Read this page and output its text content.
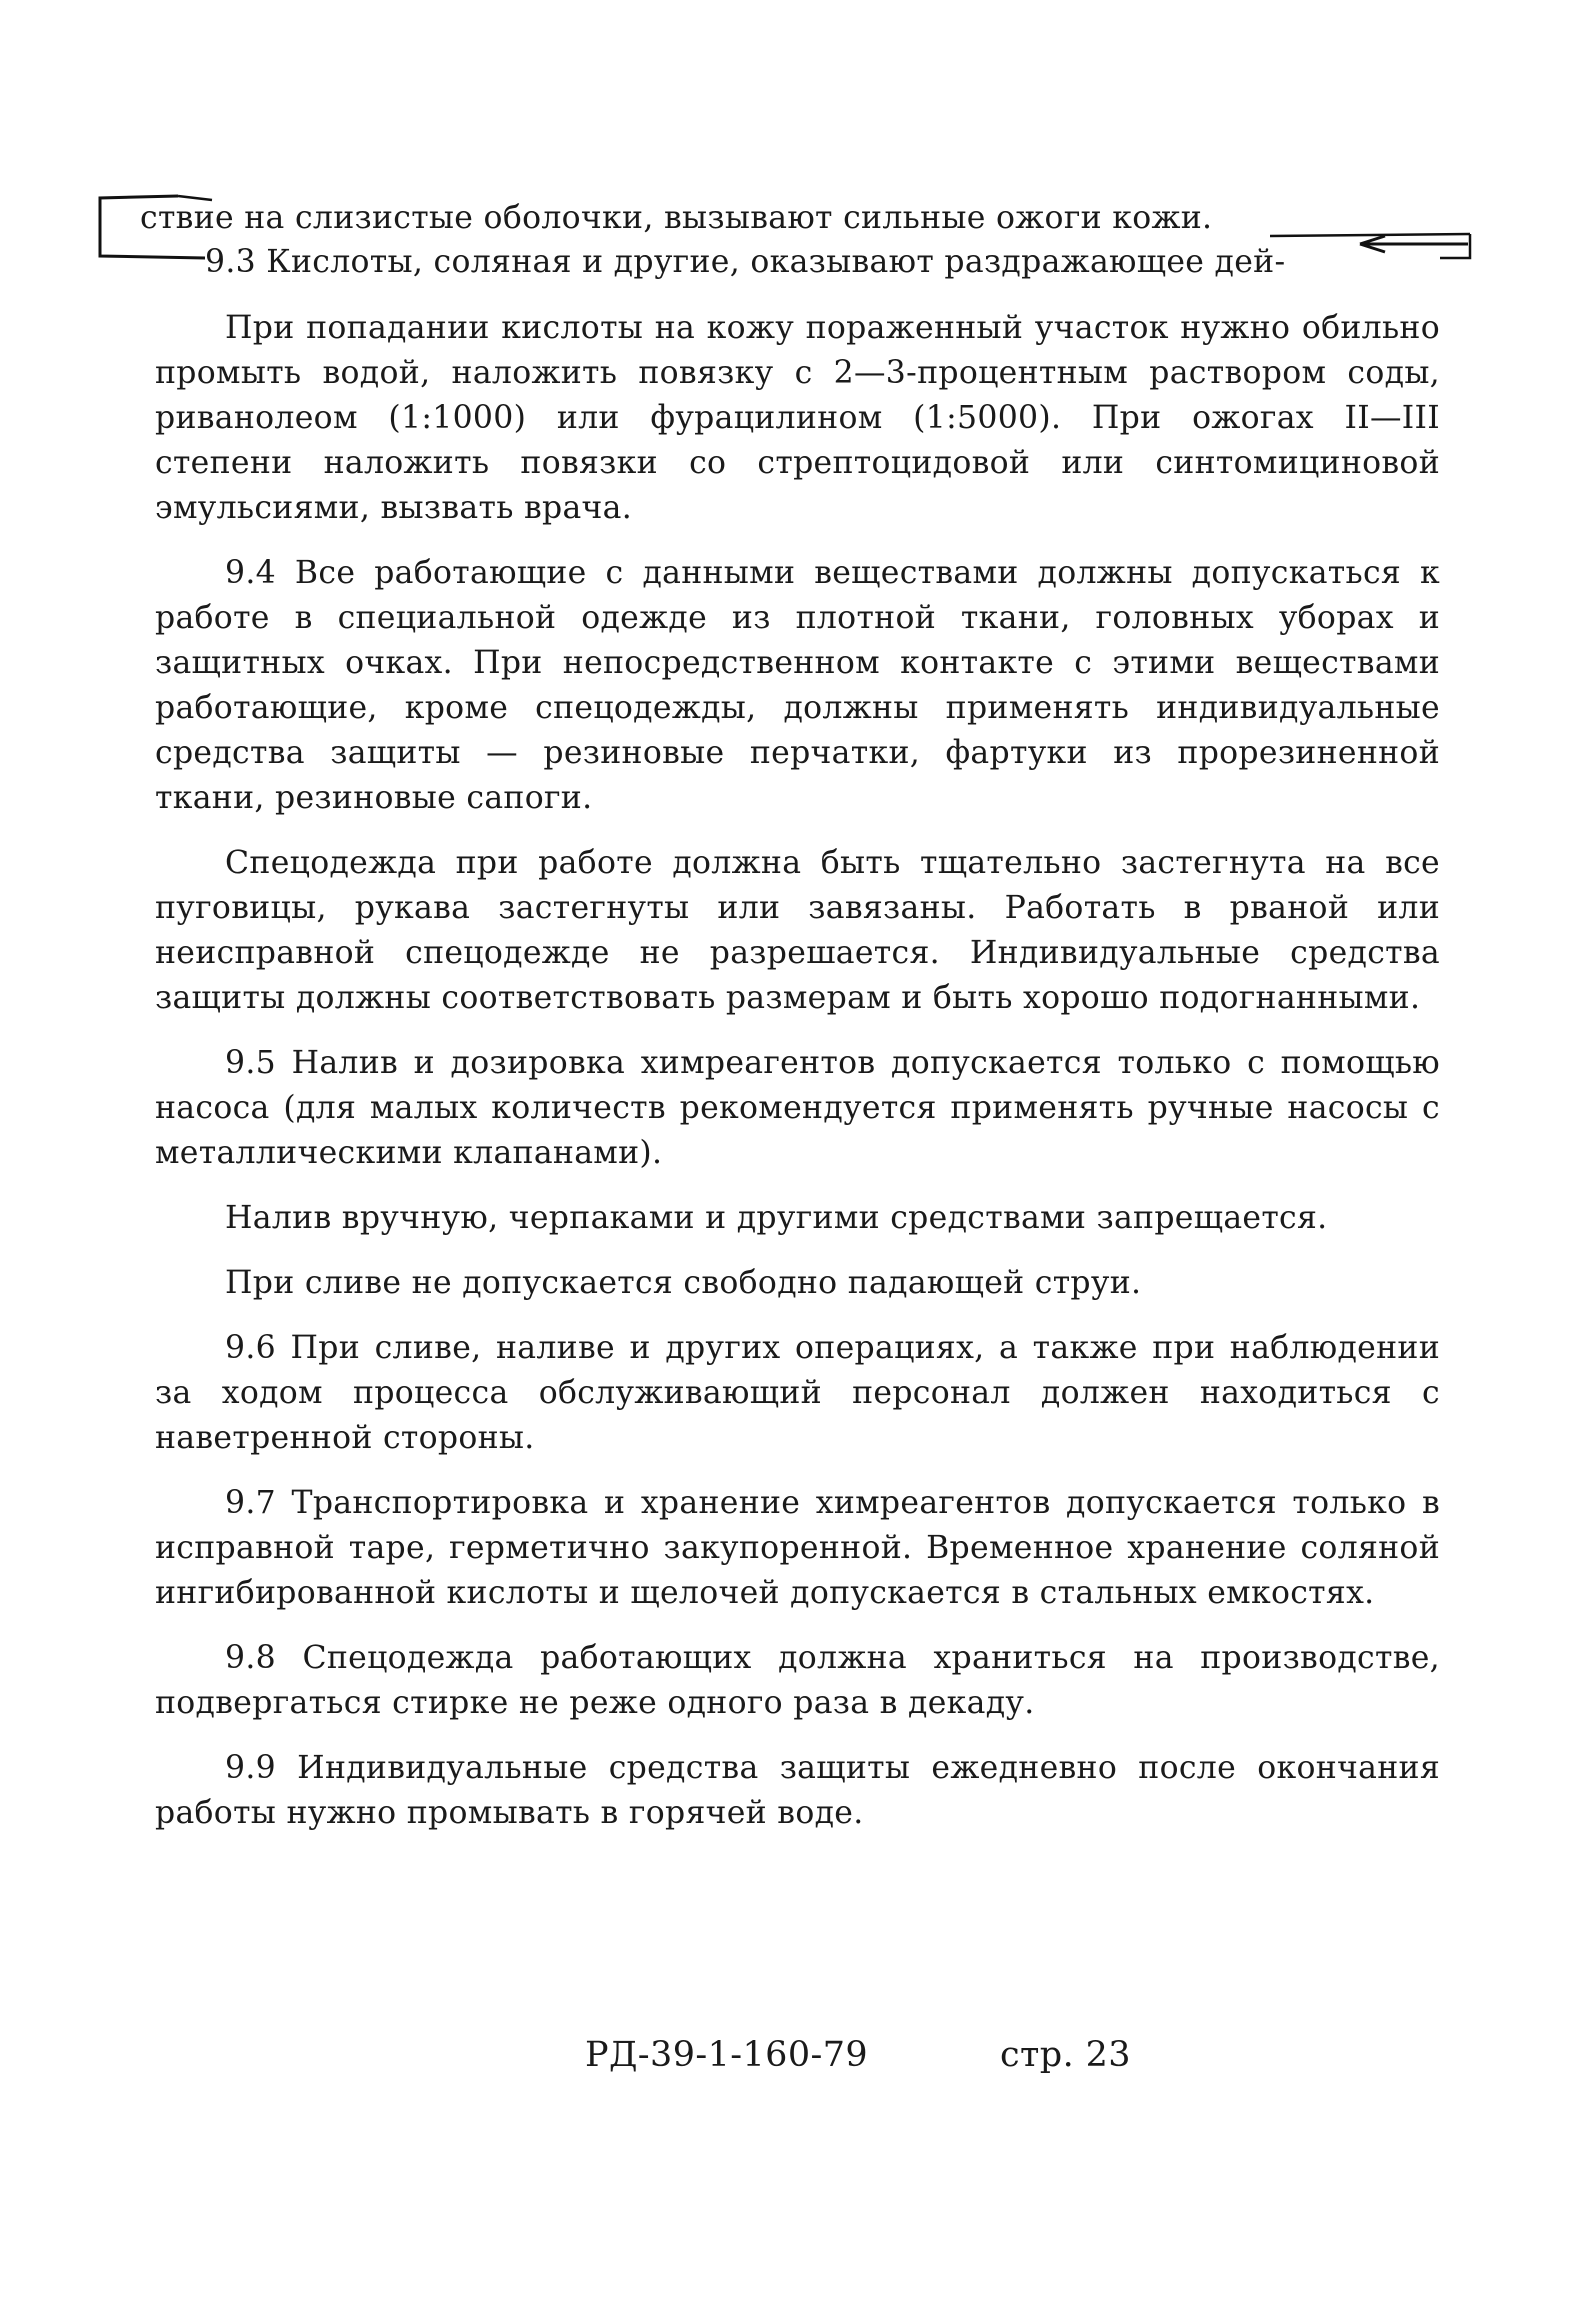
ствие на слизистые оболочки, вызывают сильные ожоги кожи.
9.3 Кислоты, соляная и другие, оказывают раздражающее дей-

При попадании кислоты на кожу пораженный участок нужно обильно промыть водой, наложить повязку с 2—3-процентным раствором соды, риванолеом (1:1000) или фурацилином (1:5000). При ожогах II—III степени наложить повязки со стрептоцидовой или синтомициновой эмульсиями, вызвать врача.

9.4 Все работающие с данными веществами должны допускаться к работе в специальной одежде из плотной ткани, головных уборах и защитных очках. При непосредственном контакте с этими веществами работающие, кроме спецодежды, должны применять индивидуальные средства защиты — резиновые перчатки, фартуки из прорезиненной ткани, резиновые сапоги.

Спецодежда при работе должна быть тщательно застегнута на все пуговицы, рукава застегнуты или завязаны. Работать в рваной или неисправной спецодежде не разрешается. Индивидуальные средства защиты должны соответствовать размерам и быть хорошо подогнанными.

9.5 Налив и дозировка химреагентов допускается только с помощью насоса (для малых количеств рекомендуется применять ручные насосы с металлическими клапанами).

Налив вручную, черпаками и другими средствами запрещается.

При сливе не допускается свободно падающей струи.

9.6 При сливе, наливе и других операциях, а также при наблюдении за ходом процесса обслуживающий персонал должен находиться с наветренной стороны.

9.7 Транспортировка и хранение химреагентов допускается только в исправной таре, герметично закупоренной. Временное хранение соляной ингибированной кислоты и щелочей допускается в стальных емкостях.

9.8 Спецодежда работающих должна храниться на производстве, подвергаться стирке не реже одного раза в декаду.

9.9 Индивидуальные средства защиты ежедневно после окончания работы нужно промывать в горячей воде.

РД-39-1-160-79	стр. 23
